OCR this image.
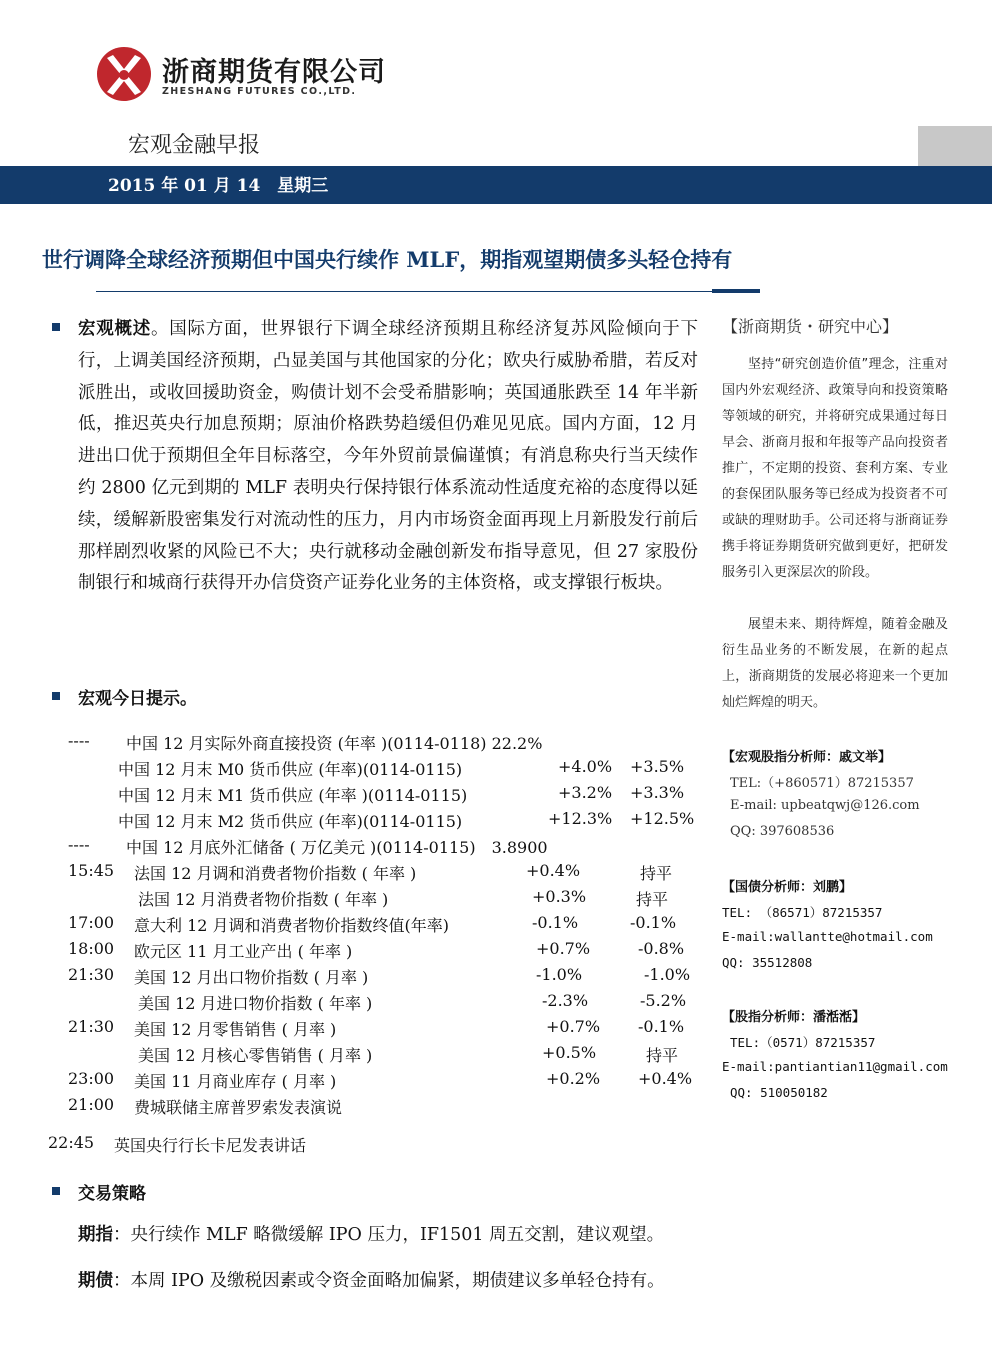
浙商期货有限公司
ZHESHANG FUTURES CO.,LTD.
宏观金融早报
2015 年 01 月 14　星期三
世行调降全球经济预期但中国央行续作 MLF，期指观望期债多头轻仓持有
宏观概述。国际方面，世界银行下调全球经济预期且称经济复苏风险倾向于下行，上调美国经济预期，凸显美国与其他国家的分化；欧央行威胁希腊，若反对派胜出，或收回援助资金，购债计划不会受希腊影响；英国通胀跌至 14 年半新低，推迟英央行加息预期；原油价格跌势趋缓但仍难见见底。国内方面，12 月进出口优于预期但全年目标落空，今年外贸前景偏谨慎；有消息称央行当天续作约 2800 亿元到期的 MLF 表明央行保持银行体系流动性适度充裕的态度得以延续，缓解新股密集发行对流动性的压力，月内市场资金面再现上月新股发行前后那样剧烈收紧的风险已不大；央行就移动金融创新发布指导意见，但 27 家股份制银行和城商行获得开办信贷资产证券化业务的主体资格，或支撑银行板块。
宏观今日提示。
---- 中国 12 月实际外商直接投资 (年率 )(0114-0118) 22.2%
中国 12 月末 M0 货币供应 (年率)(0114-0115)	+4.0% +3.5%
中国 12 月末 M1 货币供应 (年率 )(0114-0115)	+3.2% +3.3%
中国 12 月末 M2 货币供应 (年率)(0114-0115)	+12.3% +12.5%
---- 中国 12 月底外汇储备 ( 万亿美元 )(0114-0115)　3.8900
15:45 法国 12 月调和消费者物价指数 ( 年率 )	+0.4%	持平
法国 12 月消费者物价指数 ( 年率 )	+0.3%	持平
17:00 意大利 12 月调和消费者物价指数终值(年率)	-0.1%	-0.1%
18:00 欧元区 11 月工业产出 ( 年率 )	+0.7%	-0.8%
21:30 美国 12 月出口物价指数 ( 月率 )	-1.0%	-1.0%
美国 12 月进口物价指数 ( 年率 )	-2.3%	-5.2%
21:30 美国 12 月零售销售 ( 月率 )	+0.7% -0.1%
美国 12 月核心零售销售 ( 月率 )	+0.5%	持平
23:00 美国 11 月商业库存 ( 月率 )	+0.2% +0.4%
21:00 费城联储主席普罗索发表演说
22:45 英国央行行长卡尼发表讲话
交易策略
期指：央行续作 MLF 略微缓解 IPO 压力，IF1501 周五交割，建议观望。
期债：本周 IPO 及缴税因素或令资金面略加偏紧，期债建议多单轻仓持有。
【浙商期货・研究中心】
坚持“研究创造价值”理念，注重对国内外宏观经济、政策导向和投资策略等领域的研究，并将研究成果通过每日早会、浙商月报和年报等产品向投资者推广，不定期的投资、套利方案、专业的套保团队服务等已经成为投资者不可或缺的理财助手。公司还将与浙商证券携手将证券期货研究做到更好，把研发服务引入更深层次的阶段。
展望未来、期待辉煌，随着金融及衍生品业务的不断发展，在新的起点上，浙商期货的发展必将迎来一个更加灿烂辉煌的明天。
【宏观股指分析师：戚文举】
TEL:（+860571）87215357
E-mail: upbeatqwj@126.com
QQ: 397608536
【国债分析师：刘鹏】
TEL: （86571）87215357
E-mail:wallantte@hotmail.com
QQ: 35512808
【股指分析师：潘湉湉】
TEL:（0571）87215357
E-mail:pantiantian11@gmail.com
QQ: 510050182
